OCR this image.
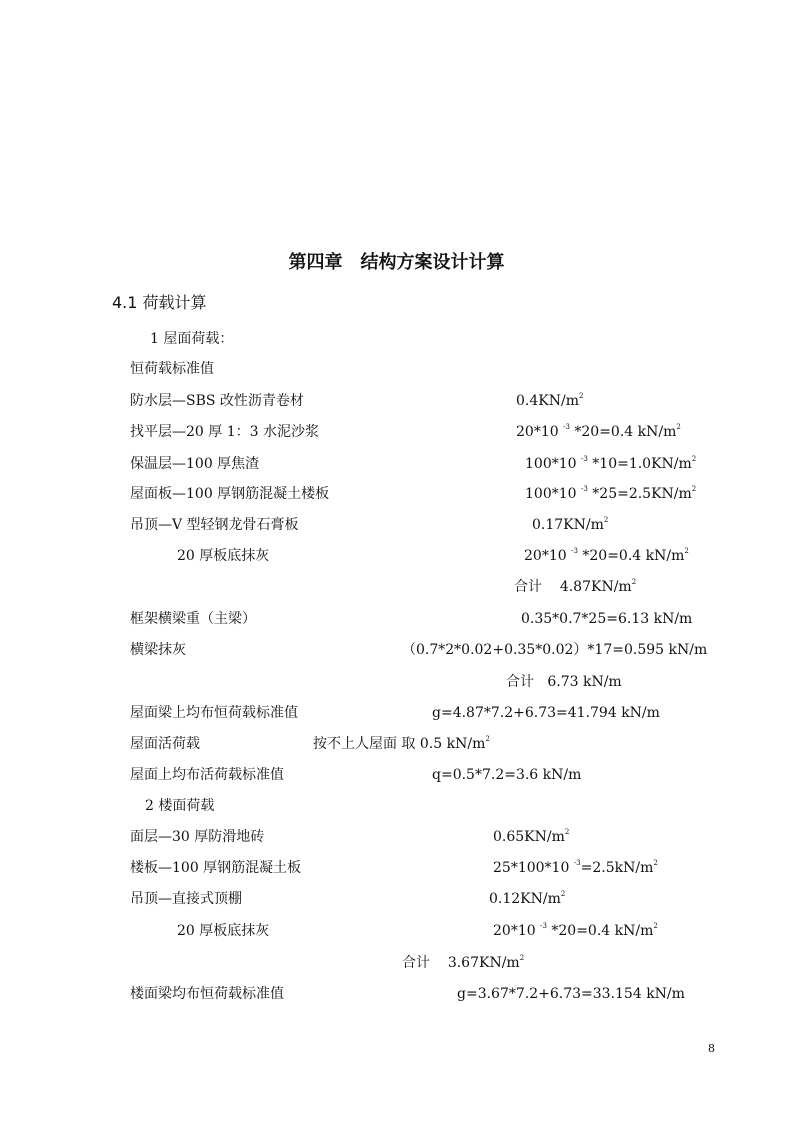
第四章　结构方案设计计算
4.1 荷载计算
1 屋面荷载：
恒荷载标准值
防水层—SBS 改性沥青卷材	$0.4KN/m^2$
找平层—20 厚 1：3 水泥沙浆	20*10 $^{-3}$ *20=0.4 $kN/m^2$
保温层—100 厚焦渣	100*10 $^{-3}$ $*10=1.0KN/m^2$
屋面板—100 厚钢筋混凝土楼板	100*10 $^{-3}$ $*25=2.5KN/m^2$
吊顶—V 型轻钢龙骨石膏板	$0.17KN/m^2$
20 厚板底抹灰	20*10 $^{-3}$ *20=0.4 $kN/m^2$
合计 $4.87KN/m^2$
框架横梁重（主梁）	0.35*0.7*25=6.13 kN/m
横梁抹灰	（0.7*2*0.02+0.35*0.02）*17=0.595 kN/m
合计 6.73 kN/m
屋面梁上均布恒荷载标准值	g=4.87*7.2+6.73=41.794 kN/m
屋面活荷载	按不上人屋面 取 0.5 $kN/m^2$
屋面上均布活荷载标准值	q=0.5*7.2=3.6 kN/m
2 楼面荷载
面层—30 厚防滑地砖	$0.65KN/m^2$
楼板—100 厚钢筋混凝土板	25*100*10 $^{-3}=2.5kN/m^2$
吊顶—直接式顶棚	$0.12KN/m^2$
20 厚板底抹灰	20*10 $^{-3}$ *20=0.4 $kN/m^2$
合计 $3.67KN/m^2$
楼面梁均布恒荷载标准值	g=3.67*7.2+6.73=33.154 kN/m
8
